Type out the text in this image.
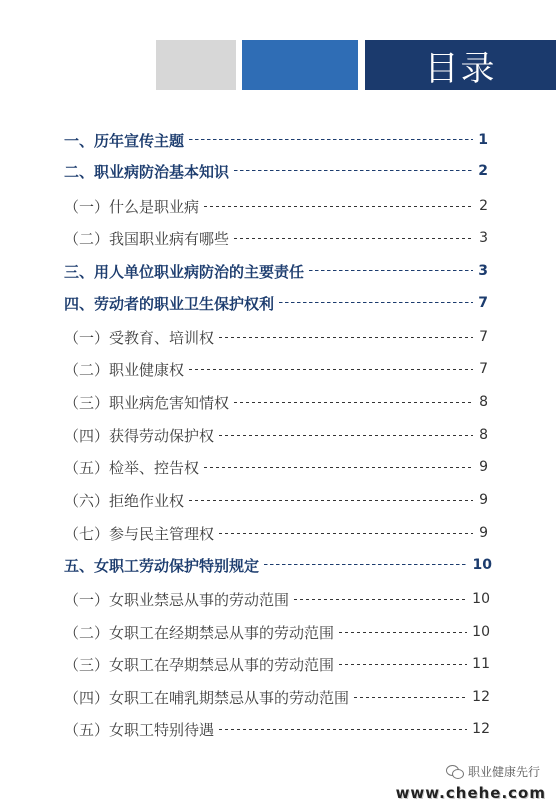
目录
一、历年宣传主题	1
二、职业病防治基本知识	2
（一）什么是职业病	2
（二）我国职业病有哪些	3
三、用人单位职业病防治的主要责任	3
四、劳动者的职业卫生保护权利	7
（一）受教育、培训权	7
（二）职业健康权	7
（三）职业病危害知情权	8
（四）获得劳动保护权	8
（五）检举、控告权	9
（六）拒绝作业权	9
（七）参与民主管理权	9
五、女职工劳动保护特别规定	10
（一）女职业禁忌从事的劳动范围	10
（二）女职工在经期禁忌从事的劳动范围	10
（三）女职工在孕期禁忌从事的劳动范围	11
（四）女职工在哺乳期禁忌从事的劳动范围	12
（五）女职工特别待遇	12
职业健康先行
www.chehe.com
